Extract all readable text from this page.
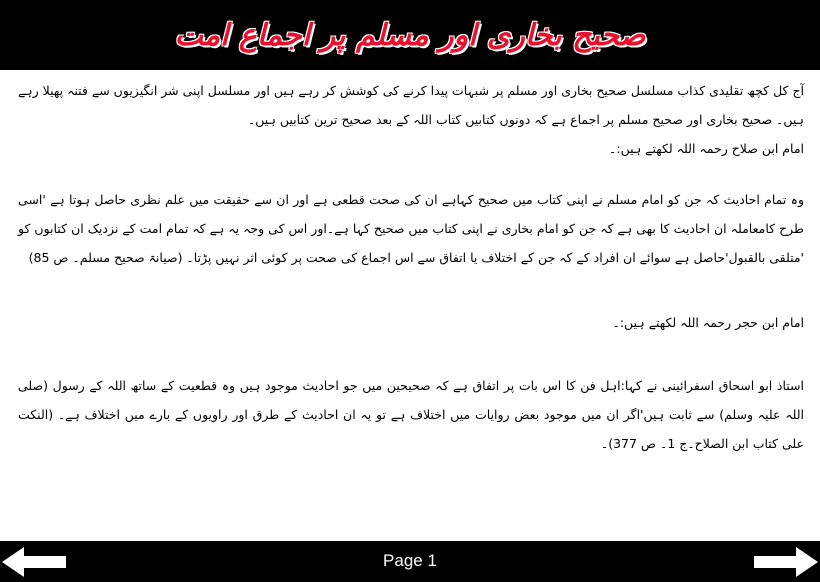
صحیح بخاری اور مسلم پر اجماع امت

آج کل کچھ تقلیدی کذاب مسلسل صحیح بخاری اور مسلم پر شبہات پیدا کرنے کی کوشش کر رہے ہیں اور مسلسل اپنی شر انگیزیوں سے فتنہ پھیلا رہے ہیں۔ صحیح بخاری اور صحیح مسلم پر اجماع ہے کہ دونوں کتابیں کتاب اللہ کے بعد صحیح ترین کتابیں ہیں۔

امام ابن صلاح رحمہ اللہ لکھتے ہیں:۔

وہ تمام احادیث کہ جن کو امام مسلم نے اپنی کتاب میں صحیح کہاہے ان کی صحت قطعی ہے اور ان سے حقیقت میں علم نظری حاصل ہوتا ہے 'اسی طرح کامعاملہ ان احادیث کا بھی ہے کہ جن کو امام بخاری نے اپنی کتاب میں صحیح کہا ہے۔اور اس کی وجہ یہ ہے کہ تمام امت کے نزدیک ان کتابوں کو 'متلقی بالقبول'حاصل ہے سوائے ان افراد کے کہ جن کے اختلاف یا اتفاق سے اس اجماع کی صحت پر کوئی اثر نہیں پڑتا۔ (صیانۃ صحیح مسلم۔ ص 85)

امام ابن حجر رحمہ اللہ لکھتے ہیں:۔

استاذ ابو اسحاق اسفرائینی نے کہا:اہل فن کا اس بات پر اتفاق ہے کہ صحیحین میں جو احادیث موجود ہیں وہ قطعیت کے ساتھ اللہ کے رسول (صلی اللہ علیہ وسلم) سے ثابت ہیں'اگر ان میں موجود بعض روایات میں اختلاف ہے تو یہ ان احادیث کے طرق اور راویوں کے بارے میں اختلاف ہے۔ (النکت علی کتاب ابن الصلاح۔ج 1۔ ص 377)۔

Page 1
